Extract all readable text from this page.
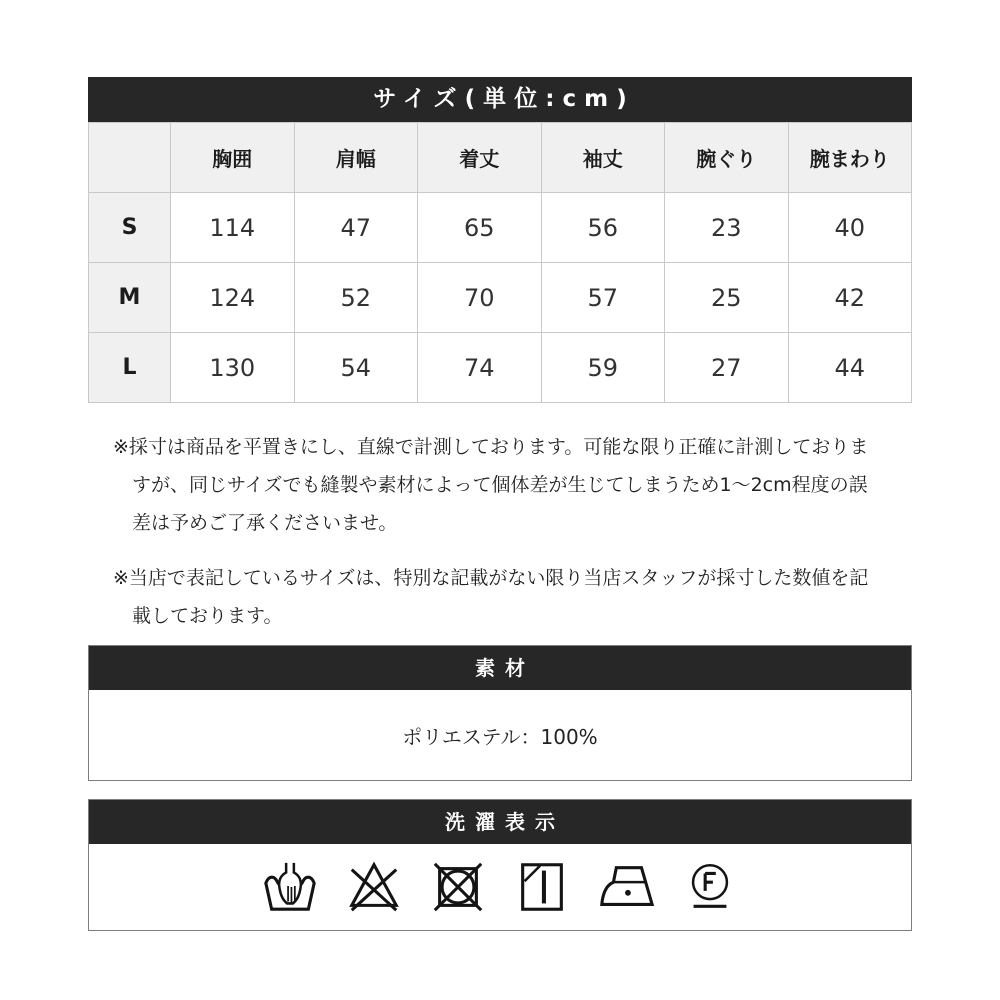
サイズ(単位:cm)
	胸囲	肩幅	着丈	袖丈	腕ぐり	腕まわり
S	114	47	65	56	23	40
M	124	52	70	57	25	42
L	130	54	74	59	27	44

※採寸は商品を平置きにし、直線で計測しております。可能な限り正確に計測しておりますが、同じサイズでも縫製や素材によって個体差が生じてしまうため1～2cm程度の誤差は予めご了承くださいませ。

※当店で表記しているサイズは、特別な記載がない限り当店スタッフが採寸した数値を記載しております。

素材
ポリエステル：100%
洗濯表示
